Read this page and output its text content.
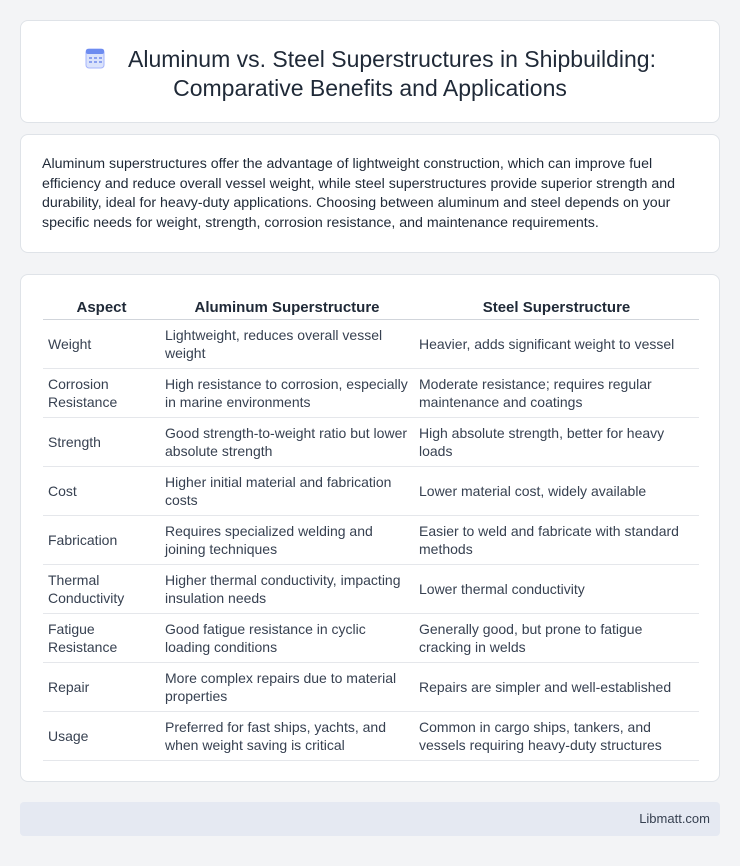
Aluminum vs. Steel Superstructures in Shipbuilding: Comparative Benefits and Applications

Aluminum superstructures offer the advantage of lightweight construction, which can improve fuel efficiency and reduce overall vessel weight, while steel superstructures provide superior strength and durability, ideal for heavy-duty applications. Choosing between aluminum and steel depends on your specific needs for weight, strength, corrosion resistance, and maintenance requirements.

Aspect	Aluminum Superstructure	Steel Superstructure
Weight	Lightweight, reduces overall vessel weight	Heavier, adds significant weight to vessel
Corrosion Resistance	High resistance to corrosion, especially in marine environments	Moderate resistance; requires regular maintenance and coatings
Strength	Good strength-to-weight ratio but lower absolute strength	High absolute strength, better for heavy loads
Cost	Higher initial material and fabrication costs	Lower material cost, widely available
Fabrication	Requires specialized welding and joining techniques	Easier to weld and fabricate with standard methods
Thermal Conductivity	Higher thermal conductivity, impacting insulation needs	Lower thermal conductivity
Fatigue Resistance	Good fatigue resistance in cyclic loading conditions	Generally good, but prone to fatigue cracking in welds
Repair	More complex repairs due to material properties	Repairs are simpler and well-established
Usage	Preferred for fast ships, yachts, and when weight saving is critical	Common in cargo ships, tankers, and vessels requiring heavy-duty structures
Libmatt.com
